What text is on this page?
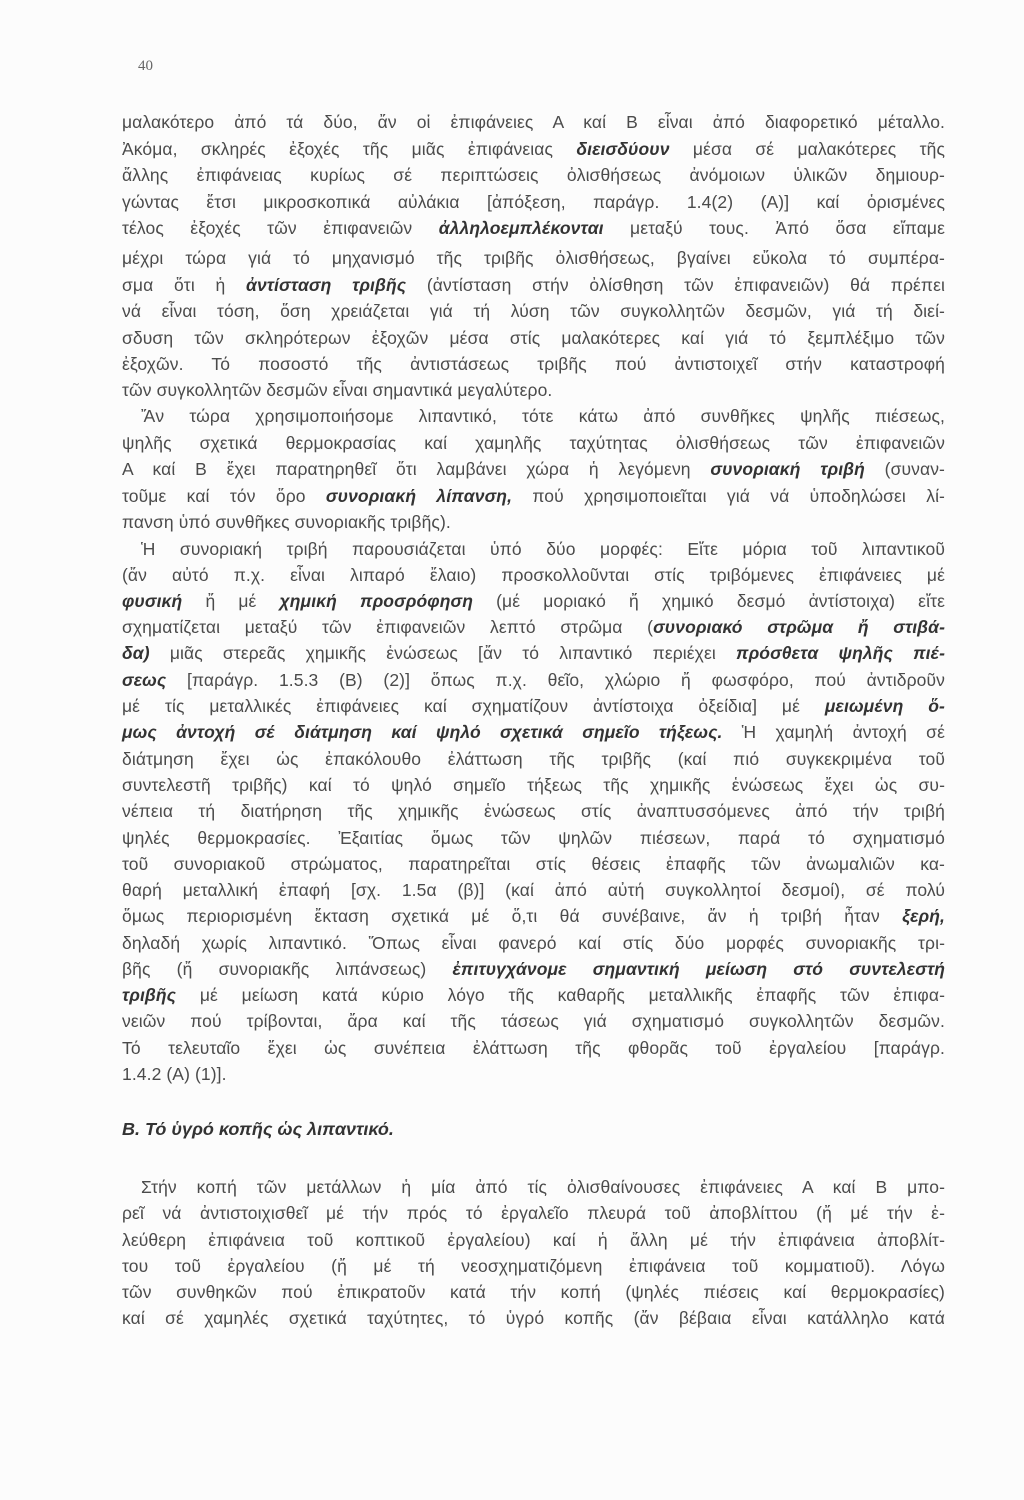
40
μαλακότερο ἀπό τά δύο, ἄν οἱ ἐπιφάνειες Α καί Β εἶναι ἀπό διαφορετικό μέταλλο.
Ἀκόμα, σκληρές ἐξοχές τῆς μιᾶς ἐπιφάνειας διεισδύουν μέσα σέ μαλακότερες τῆς
ἄλλης ἐπιφάνειας κυρίως σέ περιπτώσεις ὀλισθήσεως ἀνόμοιων ὑλικῶν δημιουρ-
γώντας ἔτσι μικροσκοπικά αὐλάκια [ἀπόξεση, παράγρ. 1.4(2) (Α)] καί ὁρισμένες
τέλος ἐξοχές τῶν ἐπιφανειῶν ἀλληλοεμπλέκονται μεταξύ τους. Ἀπό ὅσα εἴπαμε
μέχρι τώρα γιά τό μηχανισμό τῆς τριβῆς ὀλισθήσεως, βγαίνει εὔκολα τό συμπέρα-
σμα ὅτι ἡ ἀντίσταση τριβῆς (ἀντίσταση στήν ὀλίσθηση τῶν ἐπιφανειῶν) θά πρέπει
νά εἶναι τόση, ὅση χρειάζεται γιά τή λύση τῶν συγκολλητῶν δεσμῶν, γιά τή διεί-
σδυση τῶν σκληρότερων ἐξοχῶν μέσα στίς μαλακότερες καί γιά τό ξεμπλέξιμο τῶν
ἐξοχῶν. Τό ποσοστό τῆς ἀντιστάσεως τριβῆς πού ἀντιστοιχεῖ στήν καταστροφή
τῶν συγκολλητῶν δεσμῶν εἶναι σημαντικά μεγαλύτερο.
Ἄν τώρα χρησιμοποιήσομε λιπαντικό, τότε κάτω ἀπό συνθῆκες ψηλῆς πιέσεως,
ψηλῆς σχετικά θερμοκρασίας καί χαμηλῆς ταχύτητας ὀλισθήσεως τῶν ἐπιφανειῶν
Α καί Β ἔχει παρατηρηθεῖ ὅτι λαμβάνει χώρα ἡ λεγόμενη συνοριακή τριβή (συναν-
τοῦμε καί τόν ὅρο συνοριακή λίπανση, πού χρησιμοποιεῖται γιά νά ὑποδηλώσει λί-
πανση ὑπό συνθῆκες συνοριακῆς τριβῆς).
Ἡ συνοριακή τριβή παρουσιάζεται ὑπό δύο μορφές: Εἴτε μόρια τοῦ λιπαντικοῦ
(ἄν αὐτό π.χ. εἶναι λιπαρό ἔλαιο) προσκολλοῦνται στίς τριβόμενες ἐπιφάνειες μέ
φυσική ἤ μέ χημική προσρόφηση (μέ μοριακό ἤ χημικό δεσμό ἀντίστοιχα) εἴτε
σχηματίζεται μεταξύ τῶν ἐπιφανειῶν λεπτό στρῶμα (συνοριακό στρῶμα ἤ στιβά-
δα) μιᾶς στερεᾶς χημικῆς ἑνώσεως [ἄν τό λιπαντικό περιέχει πρόσθετα ψηλῆς πιέ-
σεως [παράγρ. 1.5.3 (Β) (2)] ὅπως π.χ. θεῖο, χλώριο ἤ φωσφόρο, πού ἀντιδροῦν
μέ τίς μεταλλικές ἐπιφάνειες καί σχηματίζουν ἀντίστοιχα ὀξείδια] μέ μειωμένη ὅ-
μως ἀντοχή σέ διάτμηση καί ψηλό σχετικά σημεῖο τήξεως. Ἡ χαμηλή ἀντοχή σέ
διάτμηση ἔχει ὡς ἐπακόλουθο ἐλάττωση τῆς τριβῆς (καί πιό συγκεκριμένα τοῦ
συντελεστῆ τριβῆς) καί τό ψηλό σημεῖο τήξεως τῆς χημικῆς ἑνώσεως ἔχει ὡς συ-
νέπεια τή διατήρηση τῆς χημικῆς ἑνώσεως στίς ἀναπτυσσόμενες ἀπό τήν τριβή
ψηλές θερμοκρασίες. Ἐξαιτίας ὅμως τῶν ψηλῶν πιέσεων, παρά τό σχηματισμό
τοῦ συνοριακοῦ στρώματος, παρατηρεῖται στίς θέσεις ἐπαφῆς τῶν ἀνωμαλιῶν κα-
θαρή μεταλλική ἐπαφή [σχ. 1.5α (β)] (καί ἀπό αὐτή συγκολλητοί δεσμοί), σέ πολύ
ὅμως περιορισμένη ἔκταση σχετικά μέ ὅ,τι θά συνέβαινε, ἄν ἡ τριβή ἦταν ξερή,
δηλαδή χωρίς λιπαντικό. Ὅπως εἶναι φανερό καί στίς δύο μορφές συνοριακῆς τρι-
βῆς (ἤ συνοριακῆς λιπάνσεως) ἐπιτυγχάνομε σημαντική μείωση στό συντελεστή
τριβῆς μέ μείωση κατά κύριο λόγο τῆς καθαρῆς μεταλλικῆς ἐπαφῆς τῶν ἐπιφα-
νειῶν πού τρίβονται, ἄρα καί τῆς τάσεως γιά σχηματισμό συγκολλητῶν δεσμῶν.
Τό τελευταῖο ἔχει ὡς συνέπεια ἐλάττωση τῆς φθορᾶς τοῦ ἐργαλείου [παράγρ.
1.4.2 (Α) (1)].
Στήν κοπή τῶν μετάλλων ἡ μία ἀπό τίς ὀλισθαίνουσες ἐπιφάνειες Α καί Β μπο-
ρεῖ νά ἀντιστοιχισθεῖ μέ τήν πρός τό ἐργαλεῖο πλευρά τοῦ ἀποβλίττου (ἤ μέ τήν ἐ-
λεύθερη ἐπιφάνεια τοῦ κοπτικοῦ ἐργαλείου) καί ἡ ἄλλη μέ τήν ἐπιφάνεια ἀποβλίτ-
του τοῦ ἐργαλείου (ἤ μέ τή νεοσχηματιζόμενη ἐπιφάνεια τοῦ κομματιοῦ). Λόγω
τῶν συνθηκῶν πού ἐπικρατοῦν κατά τήν κοπή (ψηλές πιέσεις καί θερμοκρασίες)
καί σέ χαμηλές σχετικά ταχύτητες, τό ὑγρό κοπῆς (ἄν βέβαια εἶναι κατάλληλο κατά
Β. Τό ὑγρό κοπῆς ὡς λιπαντικό.
